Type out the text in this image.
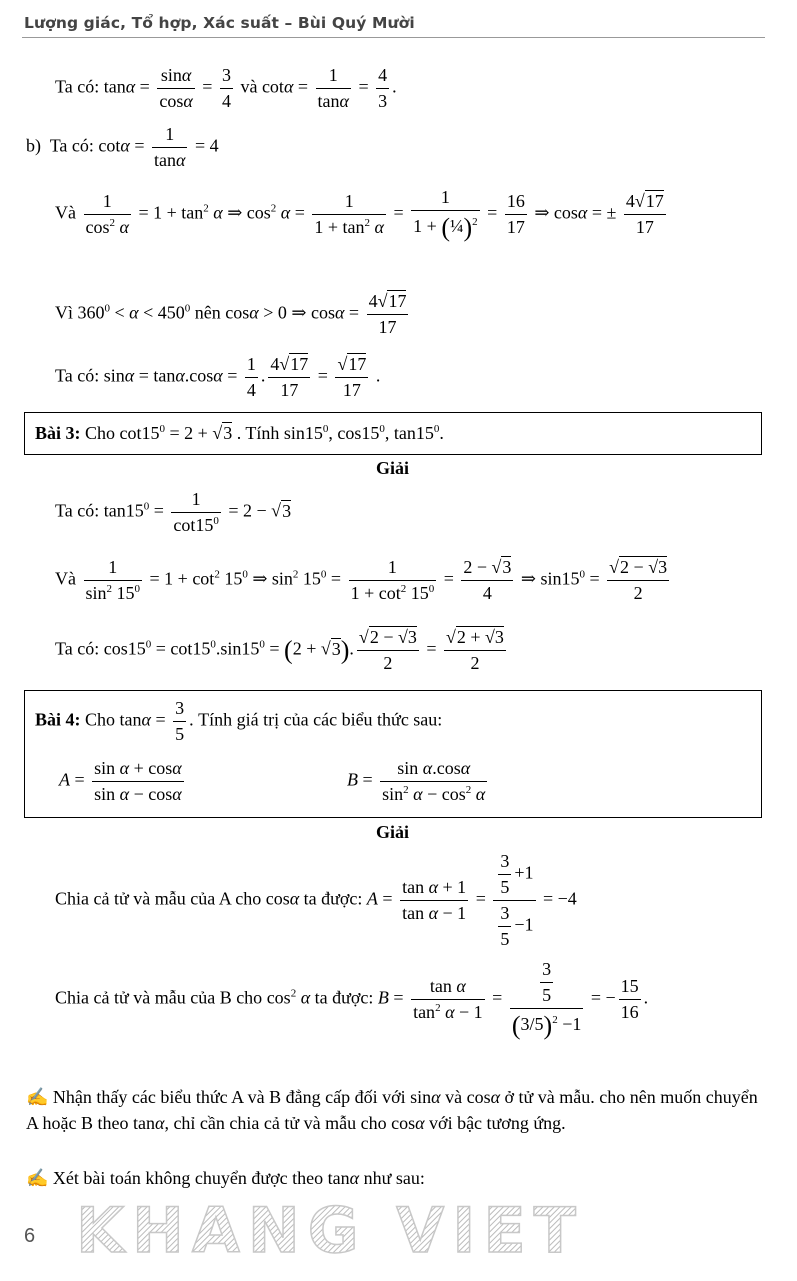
Lượng giác, Tổ hợp, Xác suất – Bùi Quý Mười
Ta có: $\tan\alpha = \frac{\sin\alpha}{\cos\alpha} = \frac{3}{4}$ và $\cot\alpha = \frac{1}{\tan\alpha} = \frac{4}{3}$ .
b) Ta có: $\cot\alpha = \frac{1}{\tan\alpha} = 4$
Và $\frac{1}{\cos^2 \alpha} = 1 + \tan^2 \alpha$ ⇒ $\cos^2 \alpha = \frac{1}{1 + \tan^2 \alpha} = \frac{1}{1 + (\frac{1}{4})^2} = \frac{16}{17}$ ⇒ cosα = ± $\frac{4√17}{17}$
Vì $360^0 < \alpha < 450^0$ nên cosα > 0 ⇒ $\cos\alpha = \frac{4√17}{17}$
Ta có: $\sin\alpha = \tan\alpha.\cos\alpha = \frac{1}{4}$ . $\frac{4√17}{17} = \frac{√17}{17}$ .
Bài 3: Cho $\cot 15^0 = 2 + √3$ . Tính $\sin 15^0$, $\cos 15^0$, $\tan 15^0$.
Giải
Ta có: $\tan 15^0 = \frac{1}{\cot 15^0} = 2 - √3$
Và $\frac{1}{\sin^2 15^0} = 1 + \cot^2 15^0$ ⇒ $\sin^2 15^0 = \frac{1}{1 + \cot^2 15^0} = \frac{2 - √3}{4}$ ⇒ $\sin 15^0 = \frac{√2 - √3}{2}$
Ta có: $\cos 15^0 = \cot 15^0.\sin 15^0 = (2 + √3)$. $\frac{√2 - √3}{2} = \frac{√2 + √3}{2}$
Bài 4: Cho $\tan\alpha = \frac{3}{5}$ . Tính giá trị của các biểu thức sau:
$A = \frac{\text{sin α + cosα}}{\text{sin α − cosα}}$	$B = \frac{\text{sin α.cosα}}{\sin^2 \alpha - \cos^2 \alpha}$
Giải
Chia cả tử và mẫu của A cho cosα ta được: $A = \frac{\text{tan α + 1}}{\text{tan α − 1}} = \frac{\frac{3}{5} +1}{\frac{3}{5} -1} = -4$
Chia cả tử và mẫu của B cho $\cos^2 \alpha$ ta được: $B = \frac{\text{tan α}}{\tan^2 \alpha - 1} = \frac{\frac{3}{5}}{(3/5)^2 -1}$ = − $\frac{15}{16}$ .
✍ Nhận thấy các biểu thức A và B đẳng cấp đối với sinα và cosα ở tử và mẫu. cho nên muốn chuyển A hoặc B theo tanα, chỉ cần chia cả tử và mẫu cho cosα với bậc tương ứng.
✍ Xét bài toán không chuyển được theo tanα như sau:
6 KHANG VIET
